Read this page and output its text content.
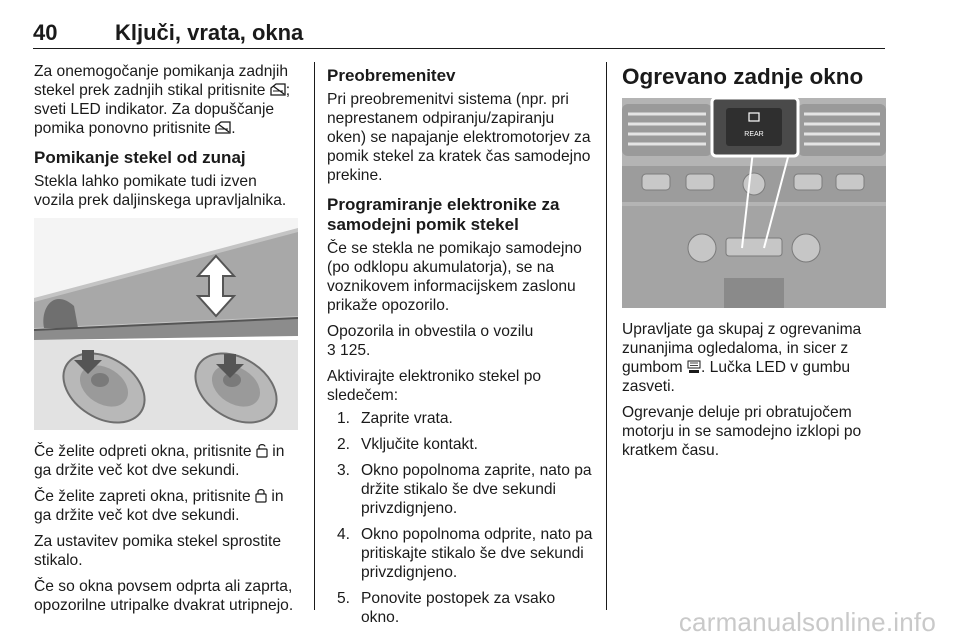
40	Ključi, vrata, okna

Za onemogočanje pomikanja zadnjih stekel prek zadnjih stikal pritisnite ; sveti LED indikator. Za dopuščanje pomika ponovno pritisnite .

Pomikanje stekel od zunaj

Stekla lahko pomikate tudi izven vozila prek daljinskega upravljalnika.

Če želite odpreti okna, pritisnite  in ga držite več kot dve sekundi.

Če želite zapreti okna, pritisnite  in ga držite več kot dve sekundi.

Za ustavitev pomika stekel sprostite stikalo.

Če so okna povsem odprta ali zaprta, opozorilne utripalke dvakrat utripnejo.

Preobremenitev

Pri preobremenitvi sistema (npr. pri neprestanem odpiranju/zapiranju oken) se napajanje elektromotorjev za pomik stekel za kratek čas samodejno prekine.

Programiranje elektronike za samodejni pomik stekel

Če se stekla ne pomikajo samodejno (po odklopu akumulatorja), se na voznikovem informacijskem zaslonu prikaže opozorilo.

Opozorila in obvestila o vozilu
3 125.

Aktivirajte elektroniko stekel po sledečem:

1. Zaprite vrata.
2. Vključite kontakt.
3. Okno popolnoma zaprite, nato pa držite stikalo še dve sekundi privzdignjeno.
4. Okno popolnoma odprite, nato pa pritiskajte stikalo še dve sekundi privzdignjeno.
5. Ponovite postopek za vsako okno.
Ogrevano zadnje okno
REAR

Upravljate ga skupaj z ogrevanima zunanjima ogledaloma, in sicer z gumbom . Lučka LED v gumbu zasveti.

Ogrevanje deluje pri obratujočem motorju in se samodejno izklopi po kratkem času.

carmanualsonline.info
